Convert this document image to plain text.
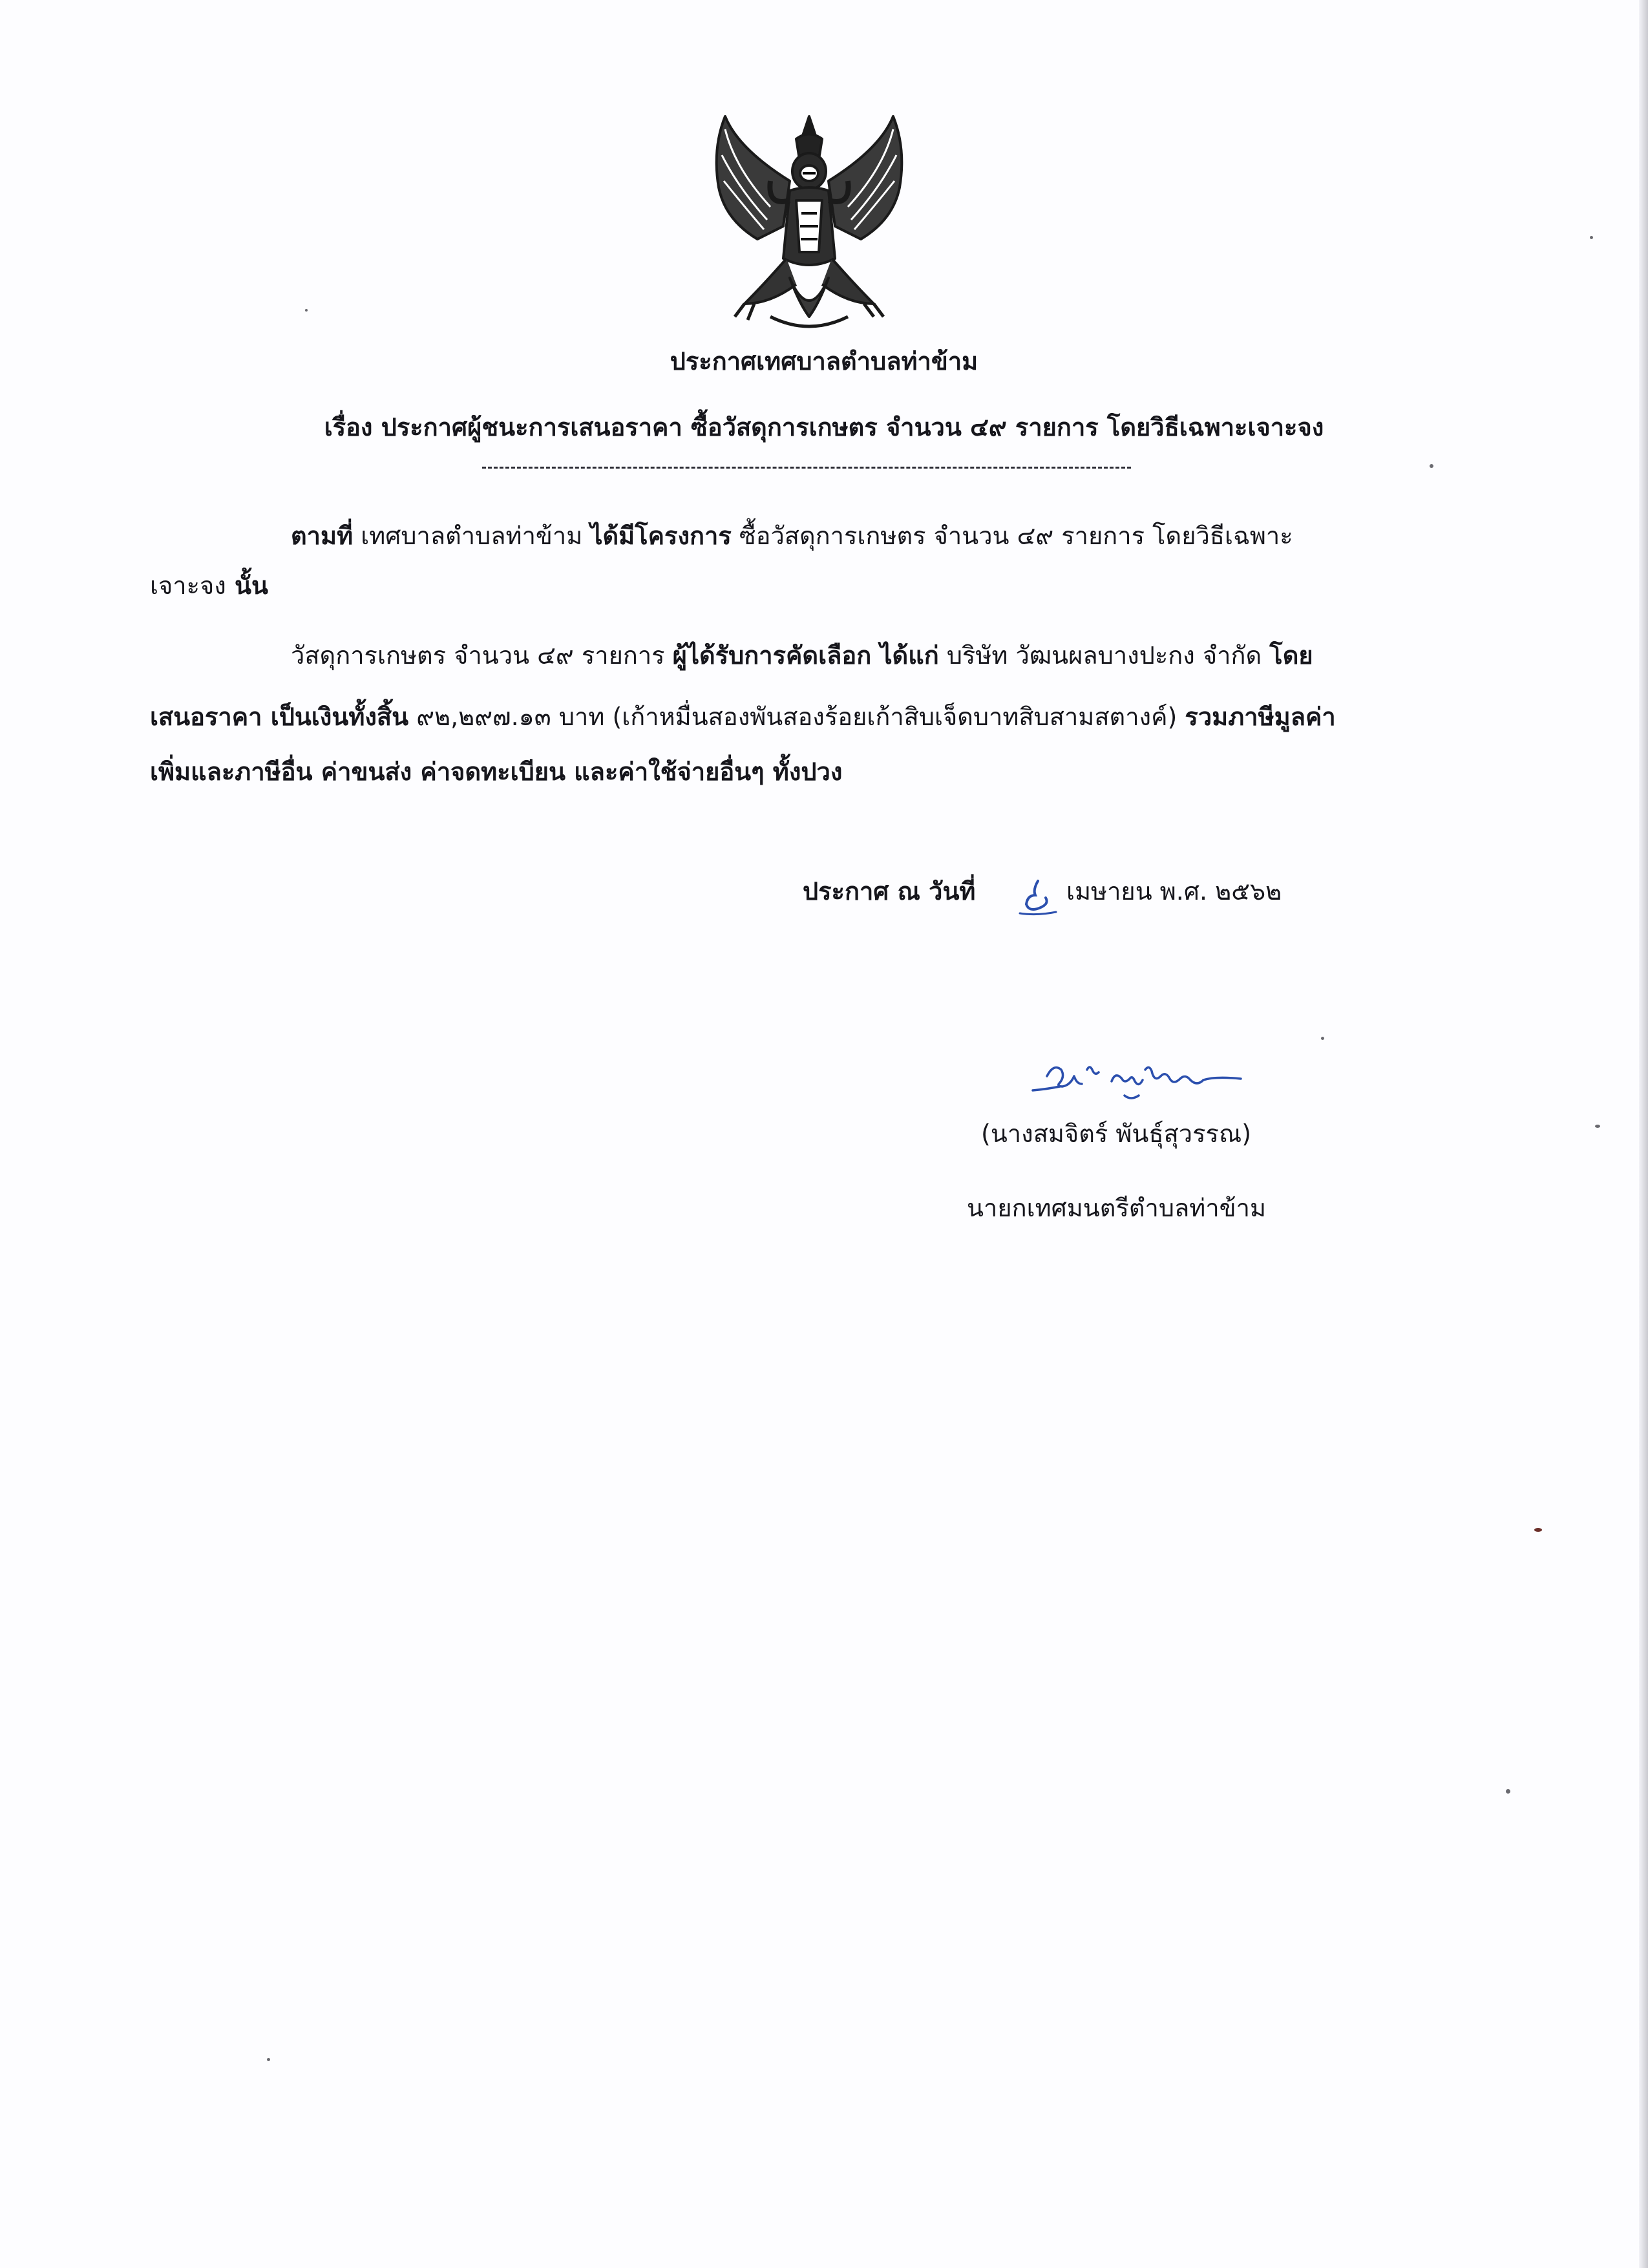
ประกาศเทศบาลตำบลท่าข้าม
เรื่อง ประกาศผู้ชนะการเสนอราคา ซื้อวัสดุการเกษตร จำนวน ๔๙ รายการ โดยวิธีเฉพาะเจาะจง
ตามที่ เทศบาลตำบลท่าข้าม ได้มีโครงการ ซื้อวัสดุการเกษตร จำนวน ๔๙ รายการ โดยวิธีเฉพาะ
เจาะจง นั้น
วัสดุการเกษตร จำนวน ๔๙ รายการ ผู้ได้รับการคัดเลือก ได้แก่ บริษัท วัฒนผลบางปะกง จำกัด โดย
เสนอราคา เป็นเงินทั้งสิ้น ๙๒,๒๙๗.๑๓ บาท (เก้าหมื่นสองพันสองร้อยเก้าสิบเจ็ดบาทสิบสามสตางค์) รวมภาษีมูลค่า
เพิ่มและภาษีอื่น ค่าขนส่ง ค่าจดทะเบียน และค่าใช้จ่ายอื่นๆ ทั้งปวง
ประกาศ ณ วันที่	เมษายน พ.ศ. ๒๕๖๒
(นางสมจิตร์ พันธุ์สุวรรณ)
นายกเทศมนตรีตำบลท่าข้าม
